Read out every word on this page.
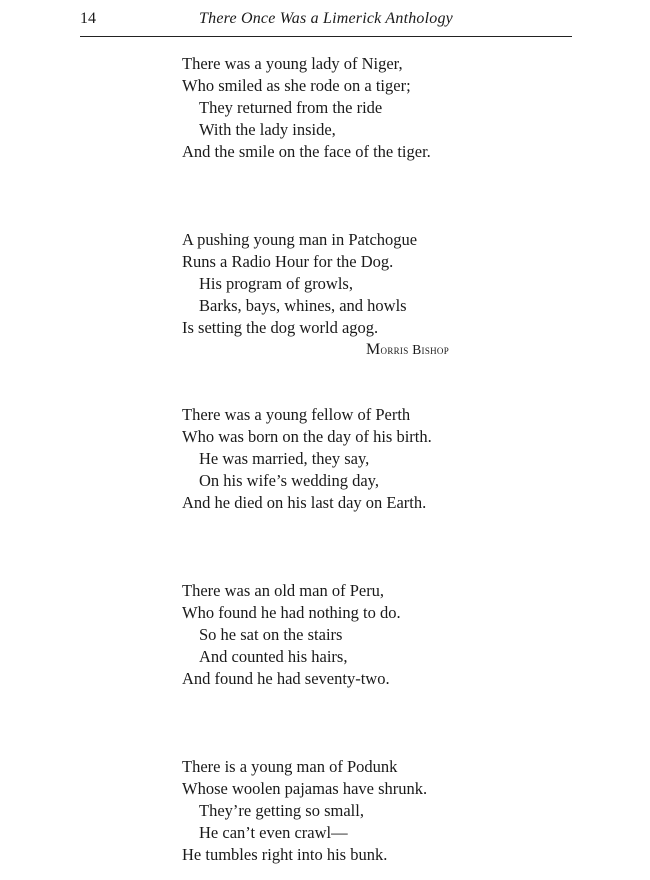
14	There Once Was a Limerick Anthology
There was a young lady of Niger,
Who smiled as she rode on a tiger;
They returned from the ride
With the lady inside,
And the smile on the face of the tiger.
A pushing young man in Patchogue
Runs a Radio Hour for the Dog.
His program of growls,
Barks, bays, whines, and howls
Is setting the dog world agog.
Morris Bishop
There was a young fellow of Perth
Who was born on the day of his birth.
He was married, they say,
On his wife’s wedding day,
And he died on his last day on Earth.
There was an old man of Peru,
Who found he had nothing to do.
So he sat on the stairs
And counted his hairs,
And found he had seventy-two.
There is a young man of Podunk
Whose woolen pajamas have shrunk.
They’re getting so small,
He can’t even crawl—
He tumbles right into his bunk.
